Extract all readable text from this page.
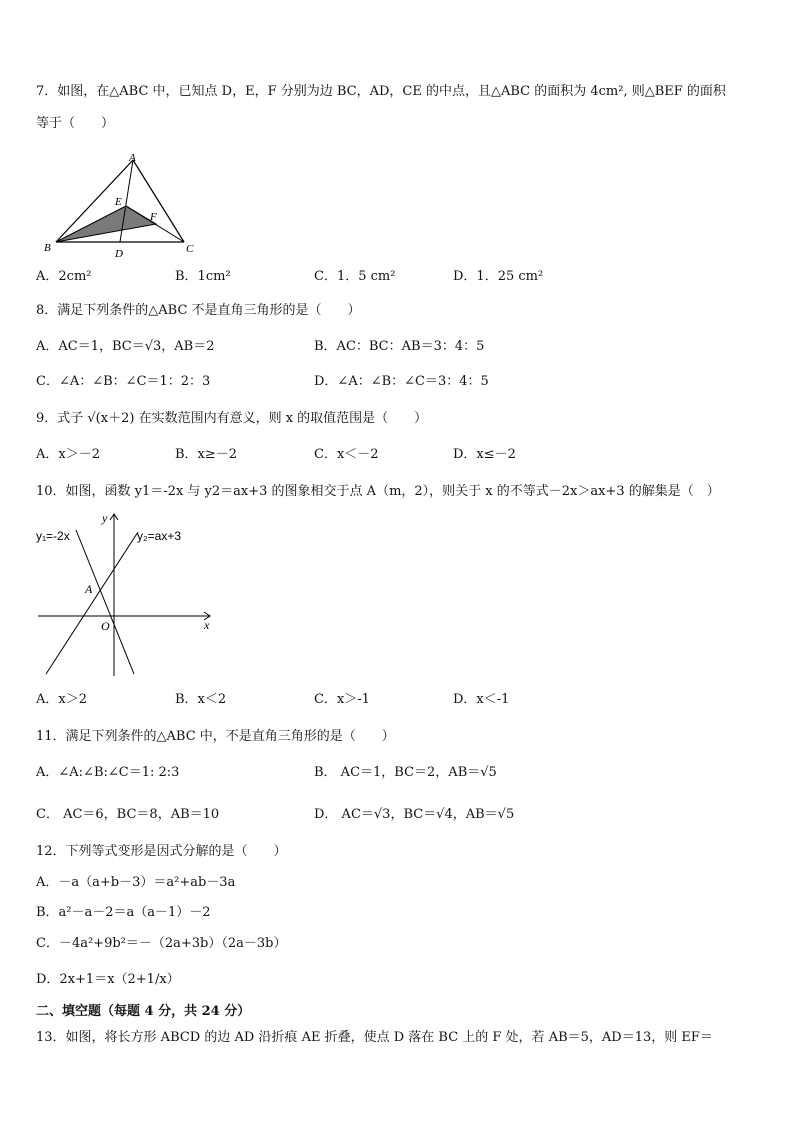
7．如图，在△ABC 中，已知点 D，E，F 分别为边 BC，AD，CE 的中点，且△ABC 的面积为 4cm², 则△BEF 的面积
等于（　　）
A
B	C
D
E
F
A．2cm²	B．1cm²	C．1．5 cm²	D．1．25 cm²
8．满足下列条件的△ABC 不是直角三角形的是（　　）
A．AC＝1，BC＝√3，AB＝2	B．AC：BC：AB＝3：4：5
C．∠A：∠B：∠C＝1：2：3	D．∠A：∠B：∠C＝3：4：5
9．式子 √(x＋2) 在实数范围内有意义，则 x 的取值范围是（　　）
A．x＞－2	B．x≥－2	C．x＜－2	D．x≤－2
10．如图，函数 y1＝-2x 与 y2＝ax+3 的图象相交于点 A（m，2），则关于 x 的不等式－2x＞ax+3 的解集是（　）
y₁=-2x	y₂=ax+3
y
x
O
A
A．x＞2	B．x＜2	C．x＞-1	D．x＜-1
11．满足下列条件的△ABC 中，不是直角三角形的是（　　）
A．∠A:∠B:∠C＝1: 2:3	B． AC＝1，BC＝2，AB＝√5
C． AC＝6，BC＝8，AB＝10	D． AC＝√3，BC＝√4，AB＝√5
12．下列等式变形是因式分解的是（　　）
A．－a（a+b－3）＝a²+ab－3a
B．a²－a－2＝a（a－1）－2
C．－4a²+9b²＝－（2a+3b）（2a－3b）
D．2x+1＝x（2+1/x）
二、填空题（每题 4 分，共 24 分）
13．如图，将长方形 ABCD 的边 AD 沿折痕 AE 折叠，使点 D 落在 BC 上的 F 处，若 AB＝5，AD＝13，则 EF＝
